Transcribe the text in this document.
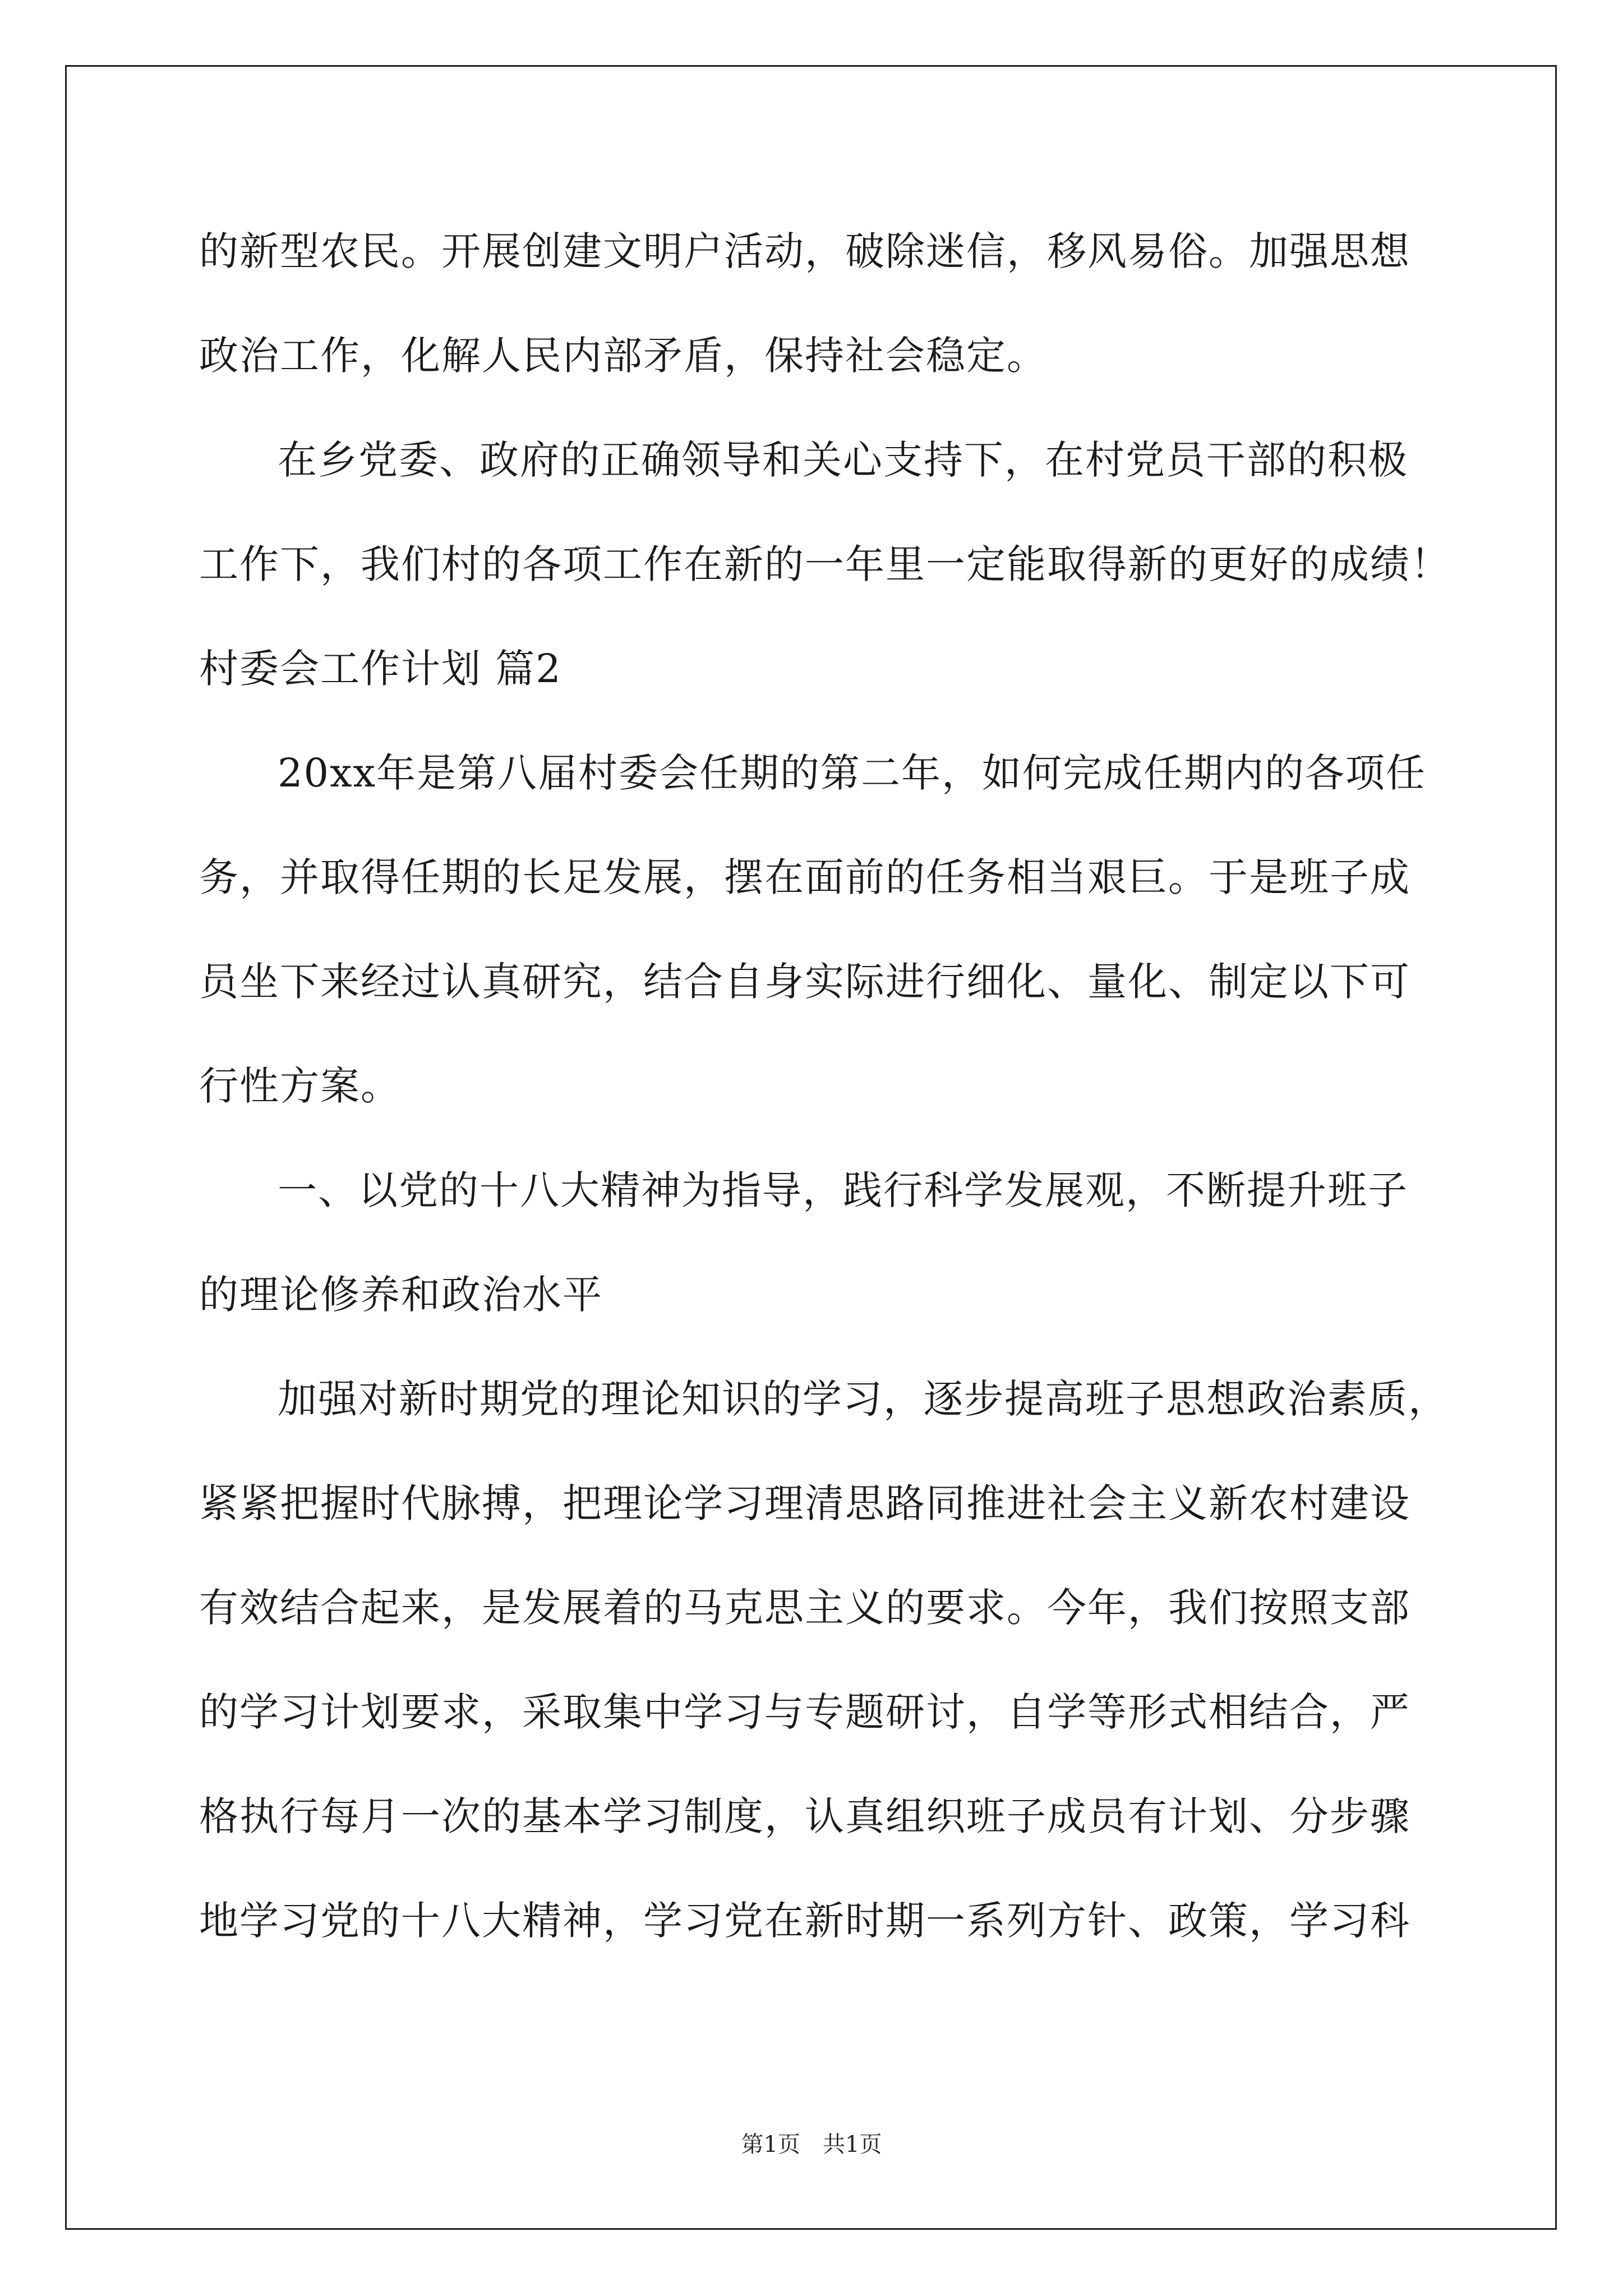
的新型农民。开展创建文明户活动，破除迷信，移风易俗。加强思想
政治工作，化解人民内部矛盾，保持社会稳定。
在乡党委、政府的正确领导和关心支持下，在村党员干部的积极
工作下，我们村的各项工作在新的一年里一定能取得新的更好的成绩！
村委会工作计划 篇2
20xx年是第八届村委会任期的第二年，如何完成任期内的各项任
务，并取得任期的长足发展，摆在面前的任务相当艰巨。于是班子成
员坐下来经过认真研究，结合自身实际进行细化、量化、制定以下可
行性方案。
一、以党的十八大精神为指导，践行科学发展观，不断提升班子
的理论修养和政治水平
加强对新时期党的理论知识的学习，逐步提高班子思想政治素质，
紧紧把握时代脉搏，把理论学习理清思路同推进社会主义新农村建设
有效结合起来，是发展着的马克思主义的要求。今年，我们按照支部
的学习计划要求，采取集中学习与专题研讨，自学等形式相结合，严
格执行每月一次的基本学习制度，认真组织班子成员有计划、分步骤
地学习党的十八大精神，学习党在新时期一系列方针、政策，学习科
第1页　共1页
